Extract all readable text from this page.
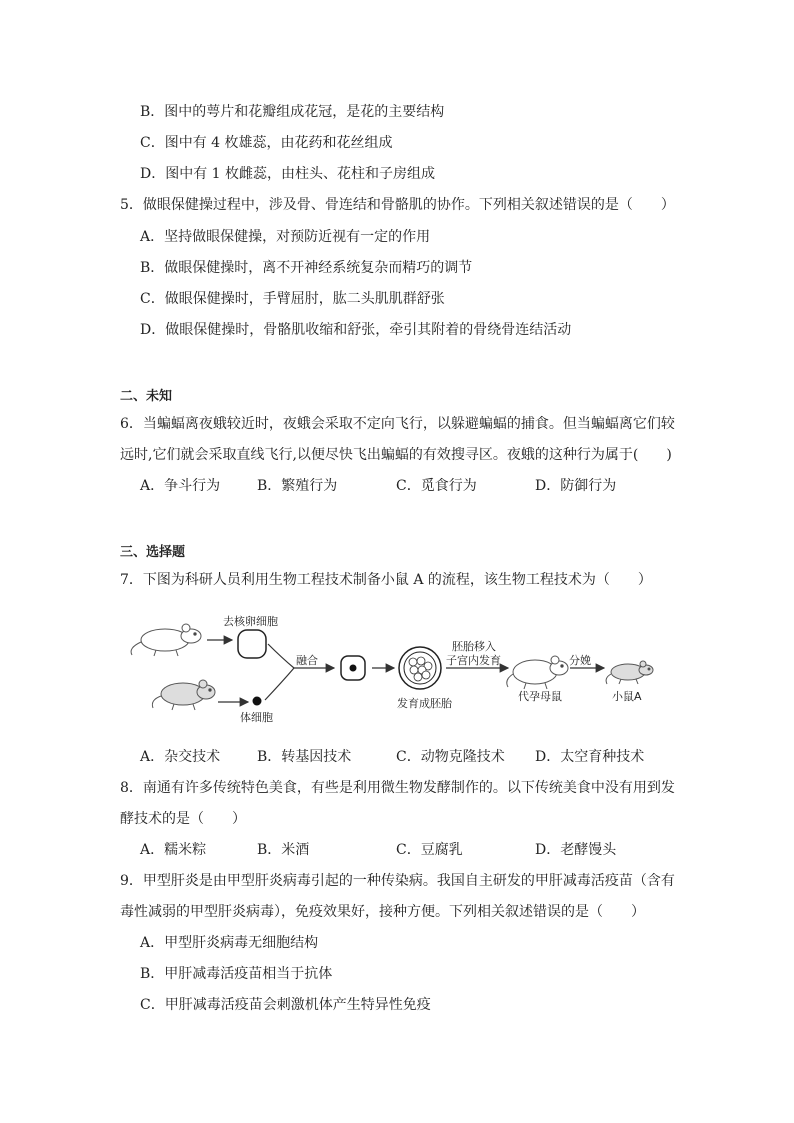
B．图中的萼片和花瓣组成花冠，是花的主要结构
C．图中有 4 枚雄蕊，由花药和花丝组成
D．图中有 1 枚雌蕊，由柱头、花柱和子房组成
5．做眼保健操过程中，涉及骨、骨连结和骨骼肌的协作。下列相关叙述错误的是（　　）
A．坚持做眼保健操，对预防近视有一定的作用
B．做眼保健操时，离不开神经系统复杂而精巧的调节
C．做眼保健操时，手臂屈肘，肱二头肌肌群舒张
D．做眼保健操时，骨骼肌收缩和舒张，牵引其附着的骨绕骨连结活动
二、未知
6．当蝙蝠离夜蛾较近时，夜蛾会采取不定向飞行，以躲避蝙蝠的捕食。但当蝙蝠离它们较
远时,它们就会采取直线飞行,以便尽快飞出蝙蝠的有效搜寻区。夜蛾的这种行为属于(　　)
A．争斗行为	B．繁殖行为	C．觅食行为	D．防御行为
三、选择题
7．下图为科研人员利用生物工程技术制备小鼠 A 的流程，该生物工程技术为（　　）
去核卵细胞
体细胞
融合
发育成胚胎
胚胎移入
子宫内发育
代孕母鼠
分娩
小鼠A
A．杂交技术	B．转基因技术	C．动物克隆技术 D．太空育种技术
8．南通有许多传统特色美食，有些是利用微生物发酵制作的。以下传统美食中没有用到发
酵技术的是（　　）
A．糯米粽	B．米酒	C．豆腐乳	D．老酵馒头
9．甲型肝炎是由甲型肝炎病毒引起的一种传染病。我国自主研发的甲肝减毒活疫苗（含有
毒性减弱的甲型肝炎病毒），免疫效果好，接种方便。下列相关叙述错误的是（　　）
A．甲型肝炎病毒无细胞结构
B．甲肝减毒活疫苗相当于抗体
C．甲肝减毒活疫苗会刺激机体产生特异性免疫
